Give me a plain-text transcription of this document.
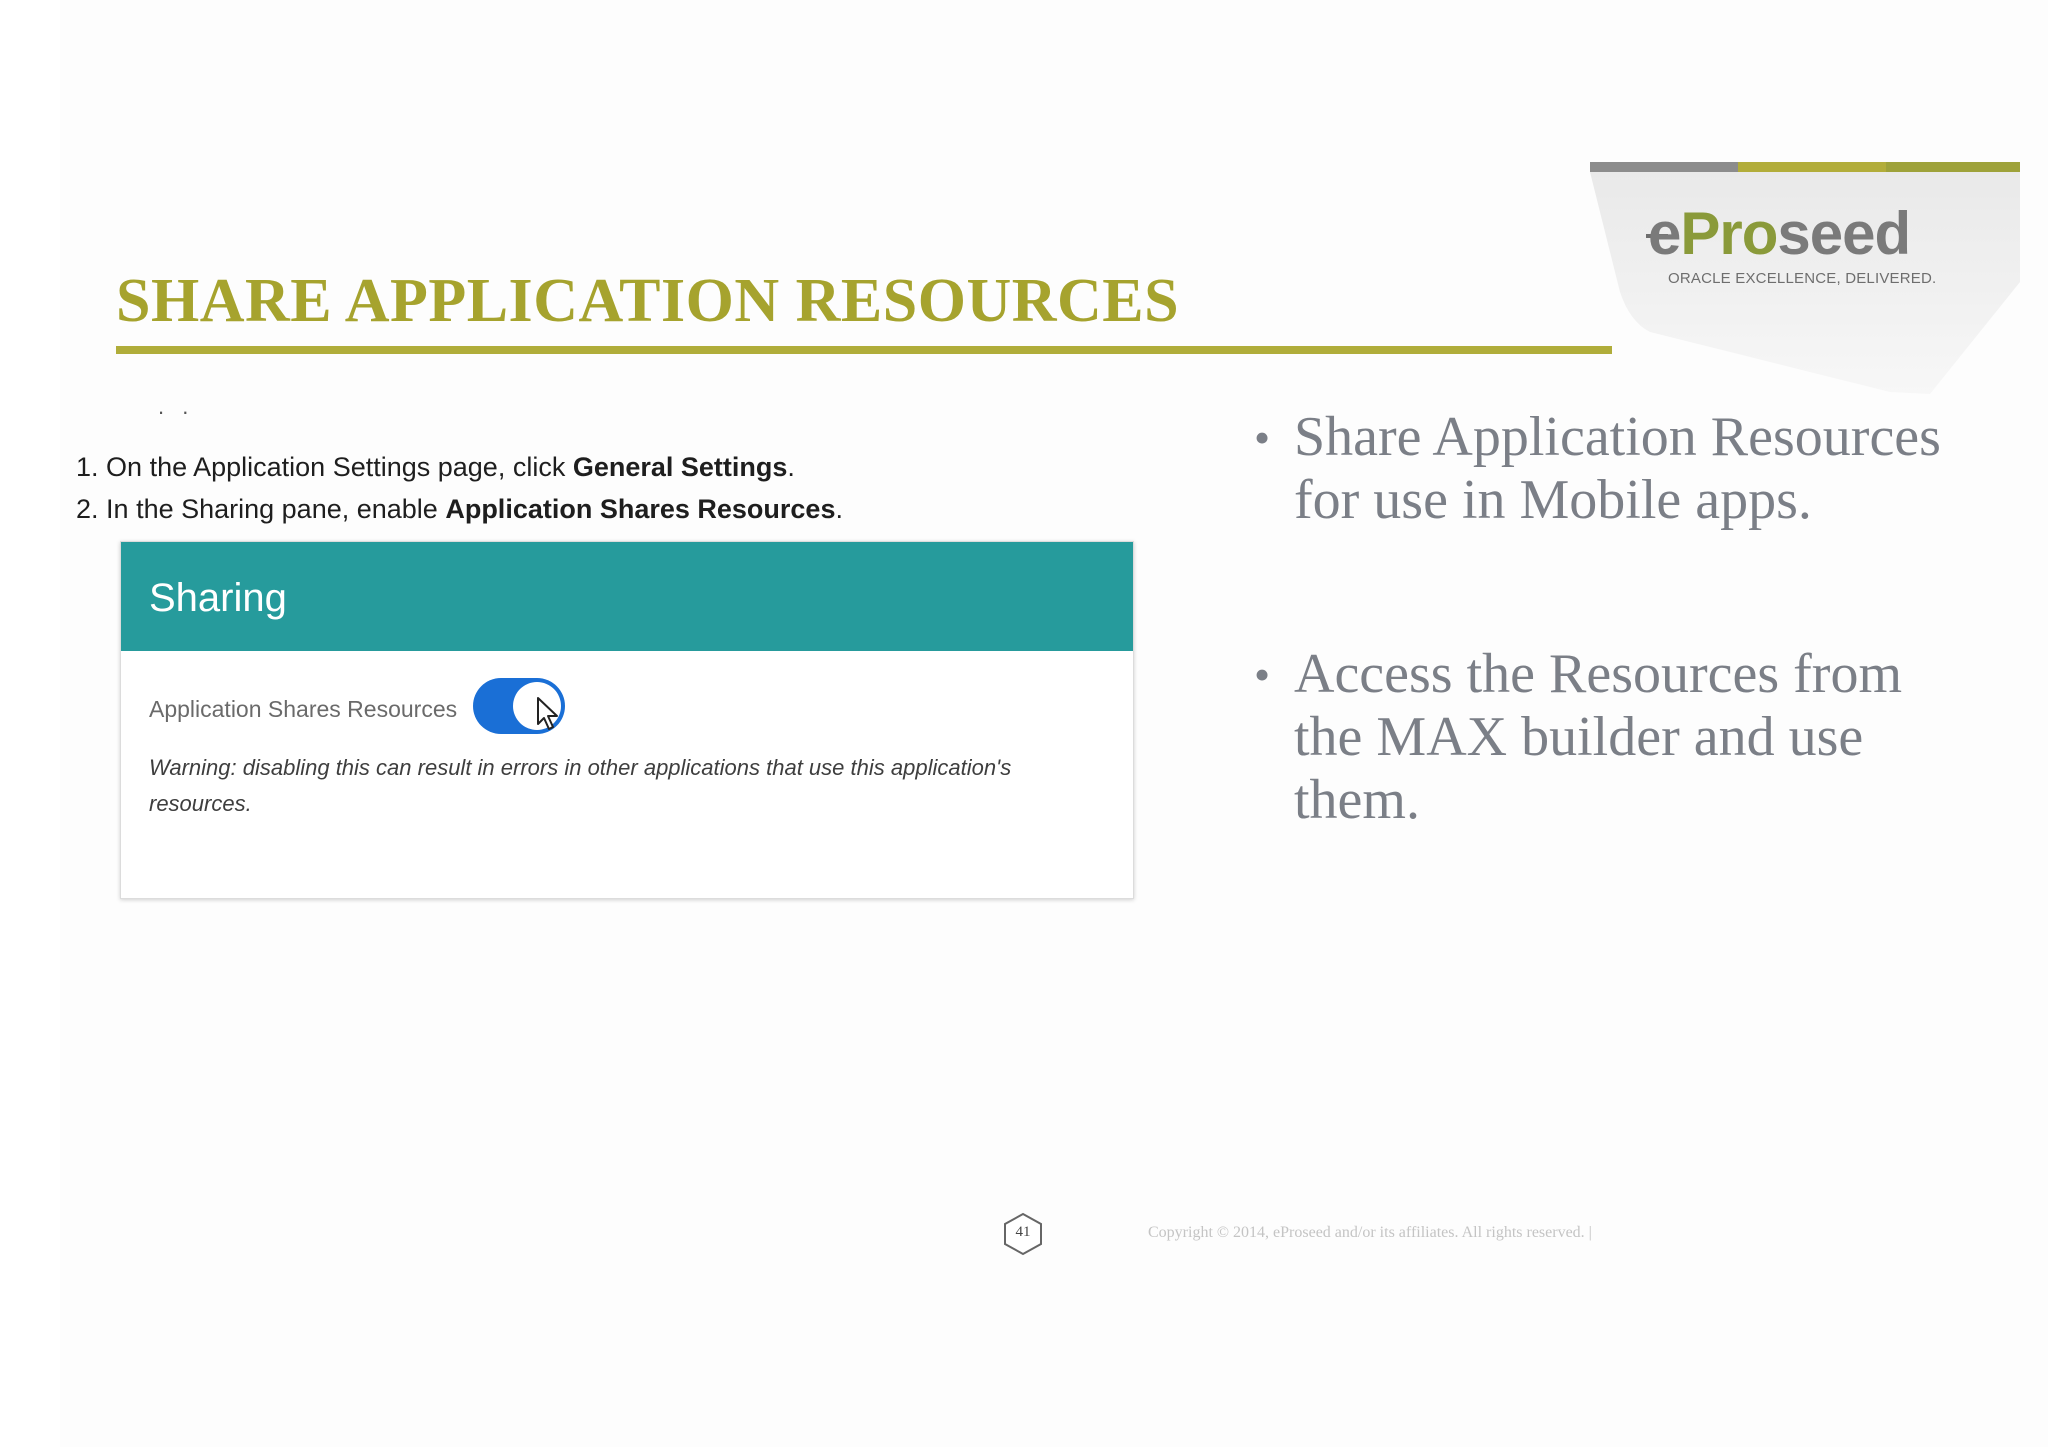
eProseed
ORACLE EXCELLENCE, DELIVERED.
SHARE APPLICATION RESOURCES
. .
1. On the Application Settings page, click General Settings.
2. In the Sharing pane, enable Application Shares Resources.
Sharing
Application Shares Resources
Warning: disabling this can result in errors in other applications that use this application's resources.
• Share Application Resources for use in Mobile apps.
• Access the Resources from the MAX builder and use them.
41	Copyright © 2014, eProseed and/or its affiliates. All rights reserved. |
